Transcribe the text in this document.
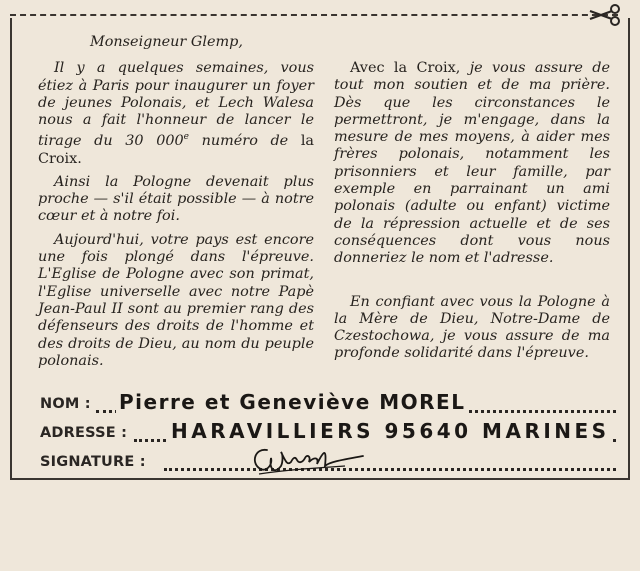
Monseigneur Glemp,

Il y a quelques semaines, vous étiez à Paris pour inaugurer un foyer de jeunes Polonais, et Lech Walesa nous a fait l'honneur de lancer le tirage du 30 000e numéro de la Croix.

Ainsi la Pologne devenait plus proche — s'il était possible — à notre cœur et à notre foi.

Aujourd'hui, votre pays est encore une fois plongé dans l'épreuve. L'Eglise de Pologne avec son primat, l'Eglise universelle avec notre Papè Jean-Paul II sont au premier rang des défenseurs des droits de l'homme et des droits de Dieu, au nom du peuple polonais.

Avec la Croix, je vous assure de tout mon soutien et de ma prière. Dès que les circonstances le permettront, je m'engage, dans la mesure de mes moyens, à aider mes frères polonais, notamment les prisonniers et leur famille, par exemple en parrainant un ami polonais (adulte ou enfant) victime de la répression actuelle et de ses conséquences dont vous nous donneriez le nom et l'adresse.

En confiant avec vous la Pologne à la Mère de Dieu, Notre-Dame de Czestochowa, je vous assure de ma profonde solidarité dans l'épreuve.

NOM : Pierre et Geneviève MOREL
ADRESSE : HARAVILLIERS 95640 MARINES
SIGNATURE :
